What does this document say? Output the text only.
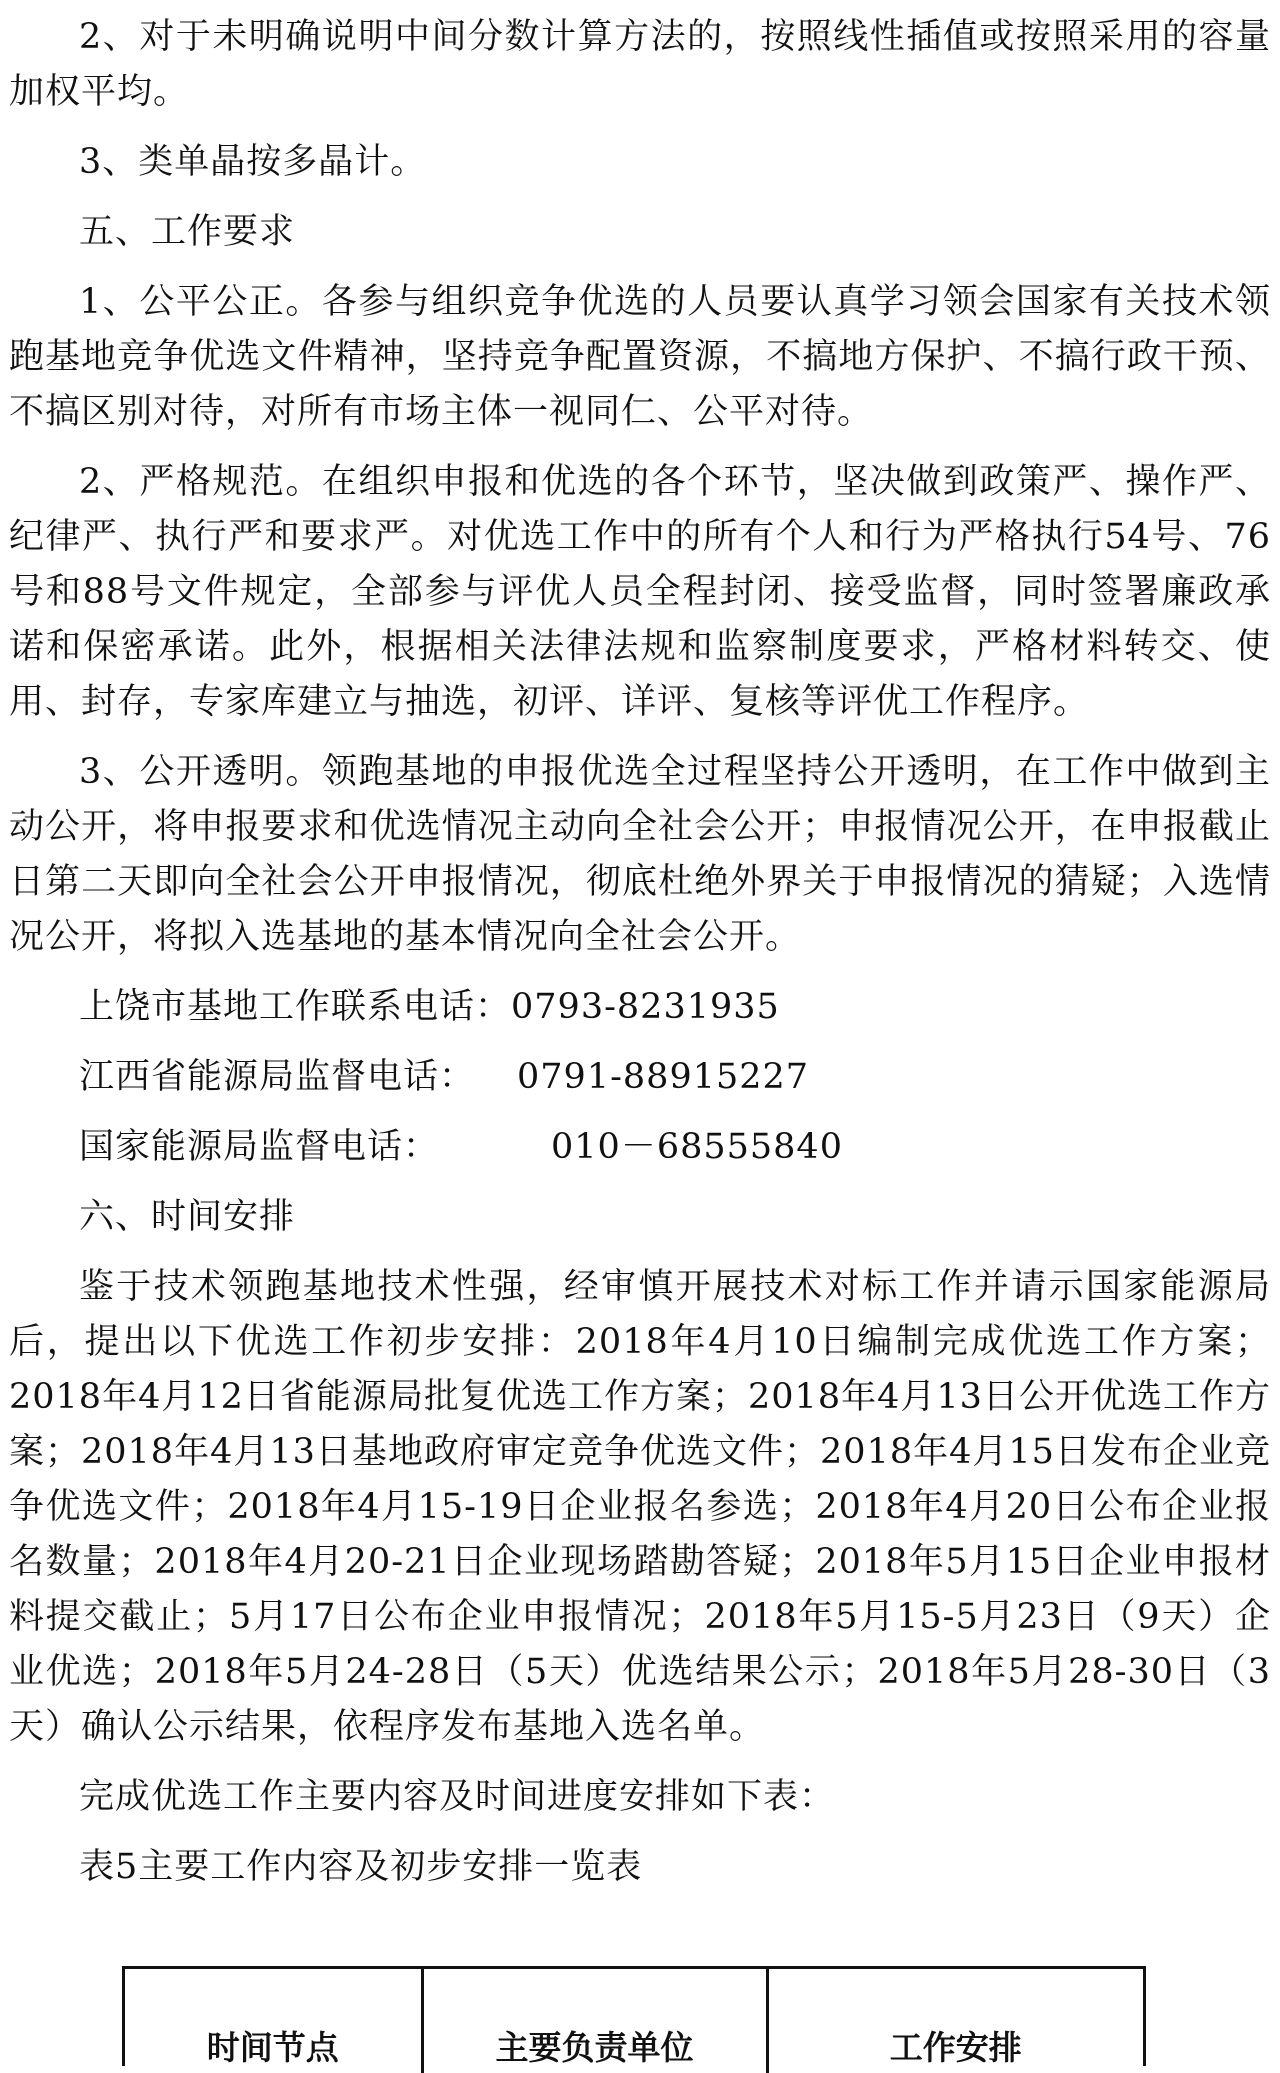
2、对于未明确说明中间分数计算方法的，按照线性插值或按照采用的容量加权平均。

3、类单晶按多晶计。

五、工作要求

1、公平公正。各参与组织竞争优选的人员要认真学习领会国家有关技术领跑基地竞争优选文件精神，坚持竞争配置资源，不搞地方保护、不搞行政干预、不搞区别对待，对所有市场主体一视同仁、公平对待。

2、严格规范。在组织申报和优选的各个环节，坚决做到政策严、操作严、纪律严、执行严和要求严。对优选工作中的所有个人和行为严格执行54号、76号和88号文件规定，全部参与评优人员全程封闭、接受监督，同时签署廉政承诺和保密承诺。此外，根据相关法律法规和监察制度要求，严格材料转交、使用、封存，专家库建立与抽选，初评、详评、复核等评优工作程序。

3、公开透明。领跑基地的申报优选全过程坚持公开透明，在工作中做到主动公开，将申报要求和优选情况主动向全社会公开；申报情况公开，在申报截止日第二天即向全社会公开申报情况，彻底杜绝外界关于申报情况的猜疑；入选情况公开，将拟入选基地的基本情况向全社会公开。

上饶市基地工作联系电话：0793-8231935
江西省能源局监督电话： 0791-88915227
国家能源局监督电话：	010－68555840

六、时间安排

鉴于技术领跑基地技术性强，经审慎开展技术对标工作并请示国家能源局后，提出以下优选工作初步安排：2018年4月10日编制完成优选工作方案；2018年4月12日省能源局批复优选工作方案；2018年4月13日公开优选工作方案；2018年4月13日基地政府审定竞争优选文件；2018年4月15日发布企业竞争优选文件；2018年4月15-19日企业报名参选；2018年4月20日公布企业报名数量；2018年4月20-21日企业现场踏勘答疑；2018年5月15日企业申报材料提交截止；5月17日公布企业申报情况；2018年5月15-5月23日（9天）企业优选；2018年5月24-28日（5天）优选结果公示；2018年5月28-30日（3天）确认公示结果，依程序发布基地入选名单。

完成优选工作主要内容及时间进度安排如下表：

表5主要工作内容及初步安排一览表

时间节点	主要负责单位	工作安排
